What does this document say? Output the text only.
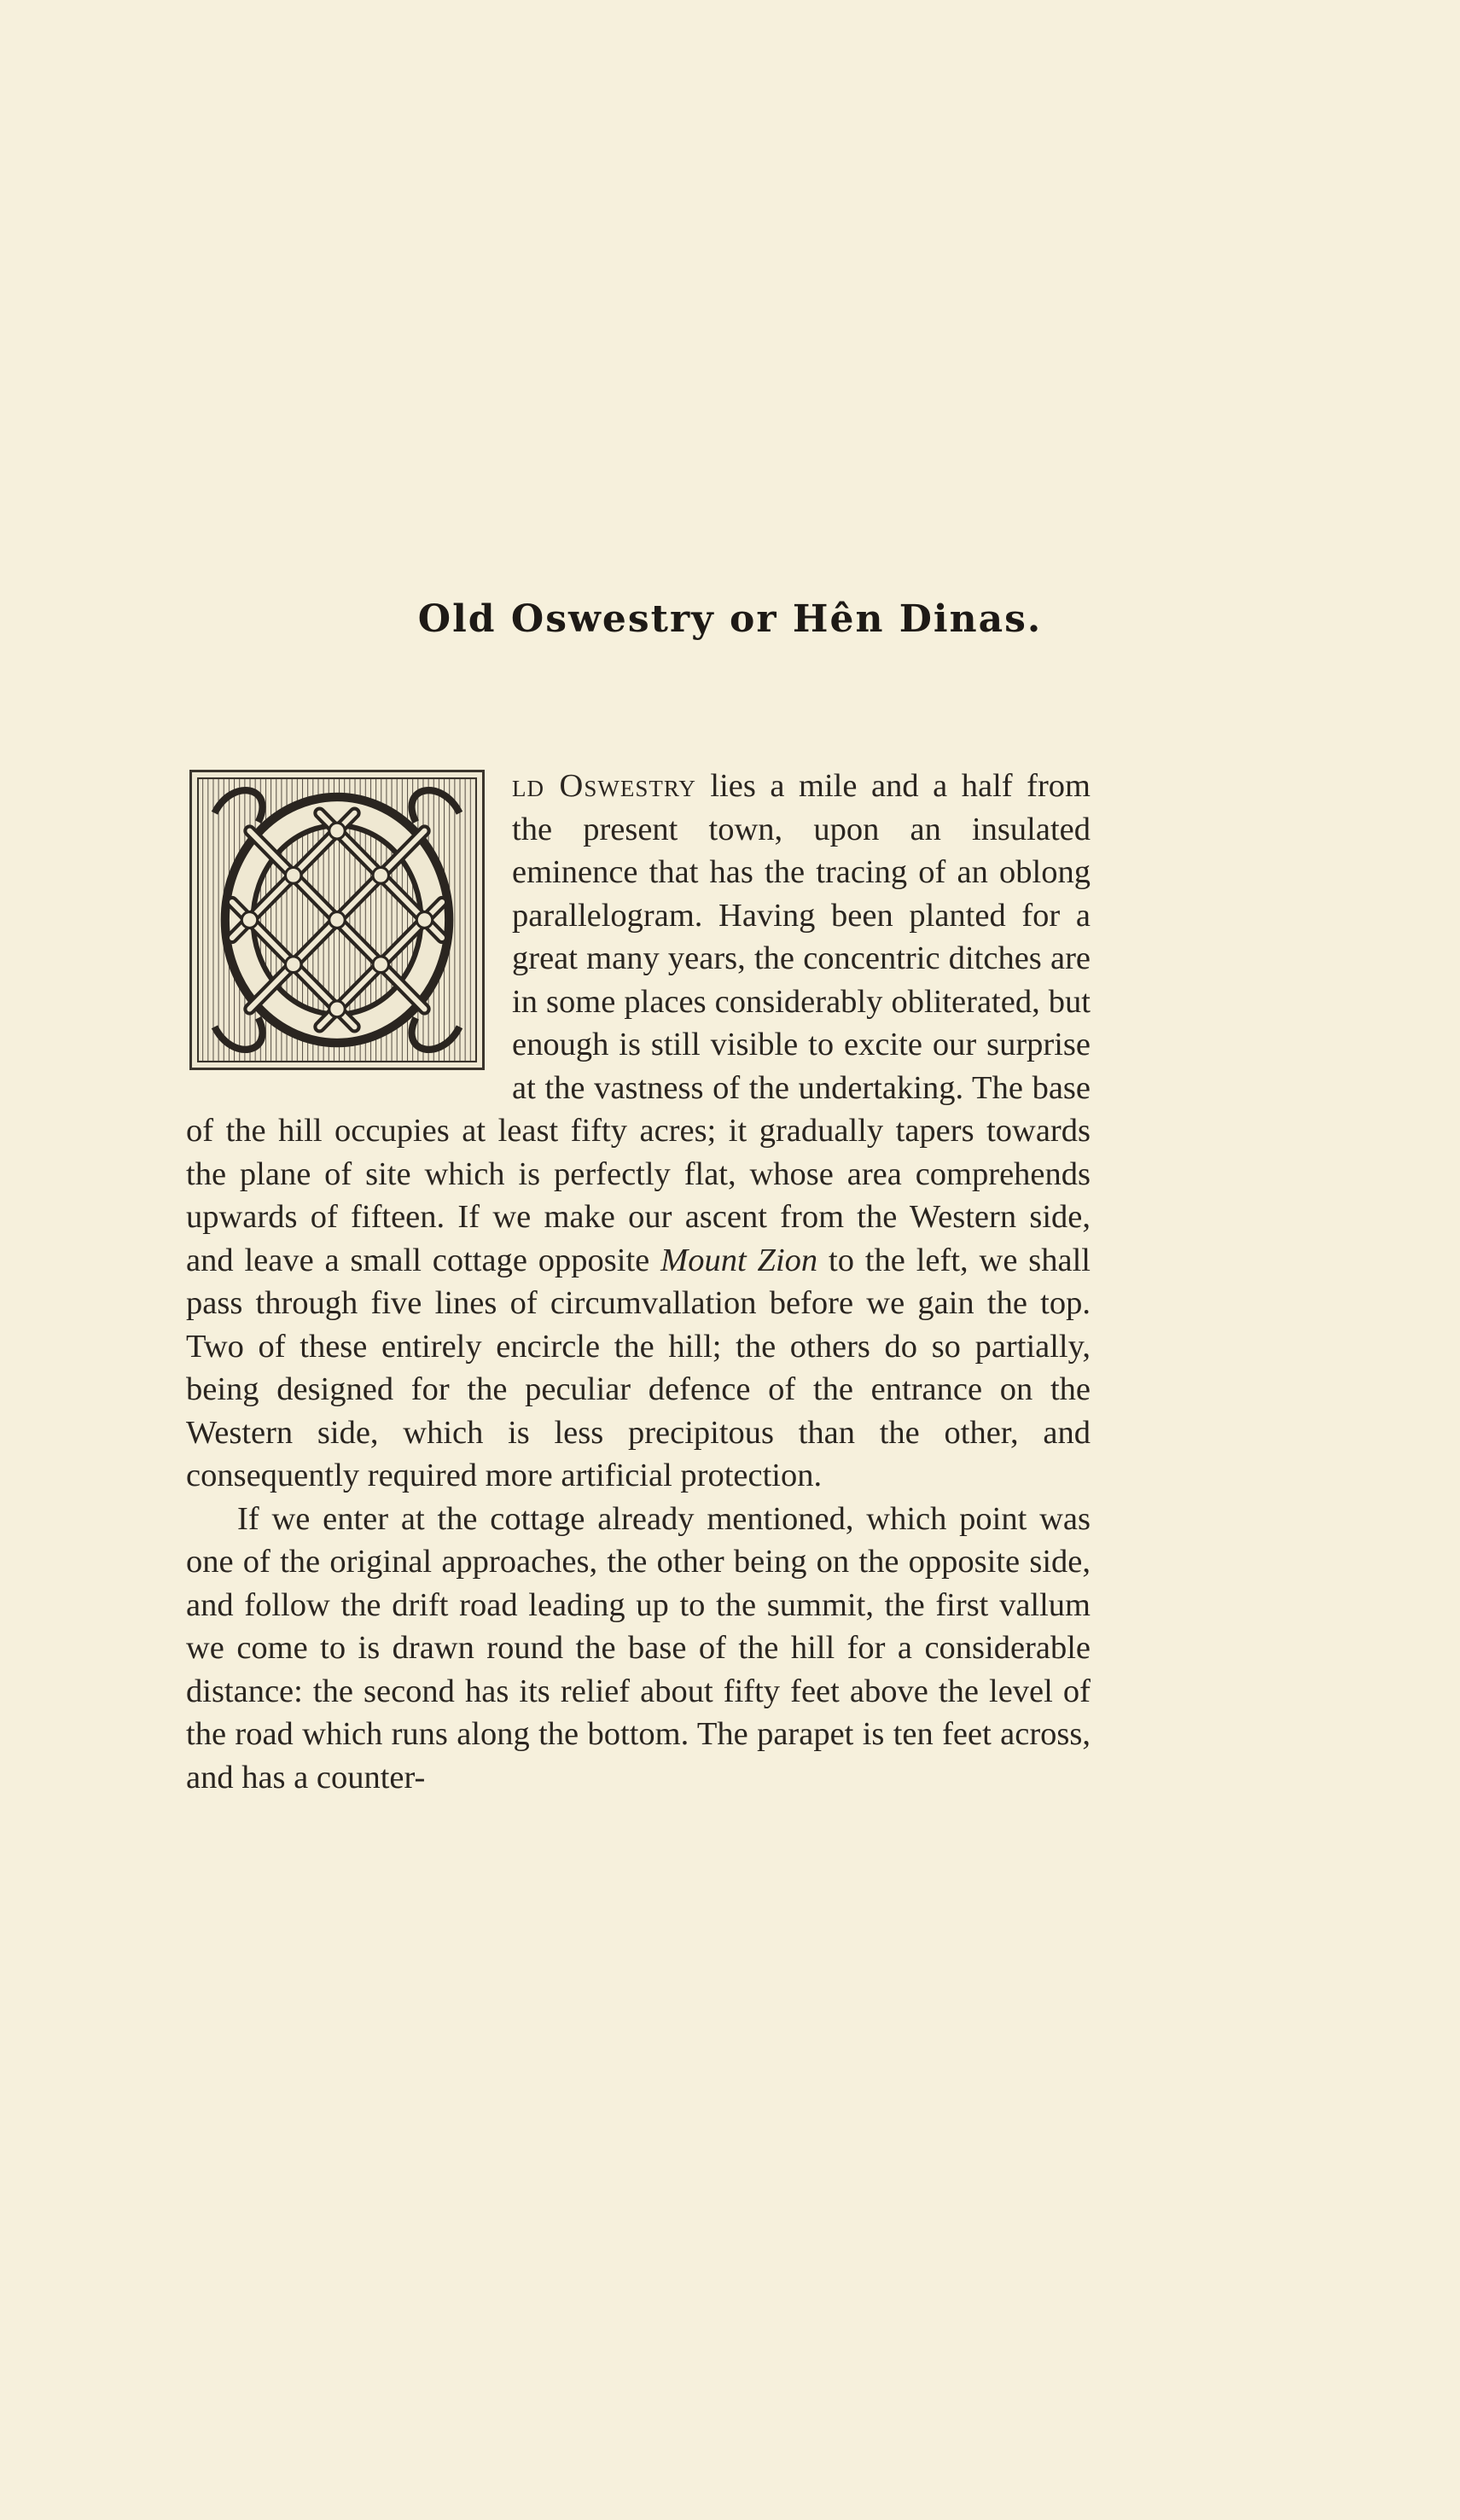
Old Oswestry or Hên Dinas.

ld Oswestry lies a mile and a half from the present town, upon an insulated eminence that has the tracing of an oblong parallelogram. Having been planted for a great many years, the concentric ditches are in some places considerably obliterated, but enough is still visible to excite our surprise at the vastness of the undertaking. The base of the hill occupies at least fifty acres; it gradually tapers towards the plane of site which is perfectly flat, whose area comprehends upwards of fifteen. If we make our ascent from the Western side, and leave a small cottage opposite Mount Zion to the left, we shall pass through five lines of circumvallation before we gain the top. Two of these entirely encircle the hill; the others do so partially, being designed for the peculiar defence of the entrance on the Western side, which is less precipitous than the other, and consequently required more artificial protection.

If we enter at the cottage already mentioned, which point was one of the original approaches, the other being on the opposite side, and follow the drift road leading up to the summit, the first vallum we come to is drawn round the base of the hill for a considerable distance: the second has its relief about fifty feet above the level of the road which runs along the bottom. The parapet is ten feet across, and has a counter-
